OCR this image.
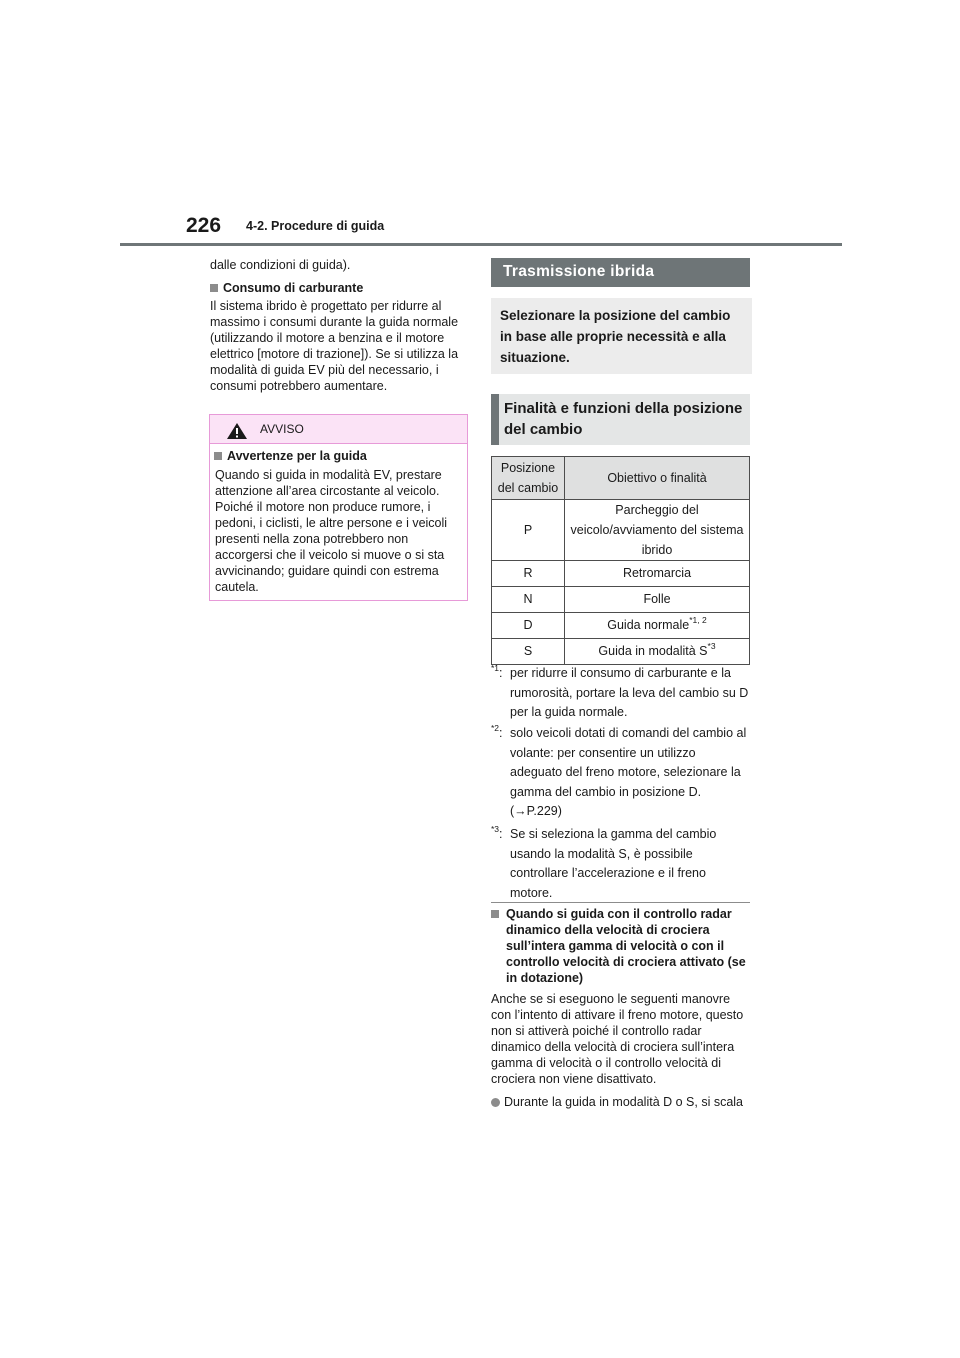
226 4-2. Procedure di guida
dalle condizioni di guida).
Consumo di carburante
Il sistema ibrido è progettato per ridurre al massimo i consumi durante la guida normale (utilizzando il motore a benzina e il motore elettrico [motore di trazione]). Se si utilizza la modalità di guida EV più del necessario, i consumi potrebbero aumentare.
AVVISO
Avvertenze per la guida
Quando si guida in modalità EV, prestare attenzione all’area circostante al veicolo. Poiché il motore non produce rumore, i pedoni, i ciclisti, le altre persone e i veicoli presenti nella zona potrebbero non accorgersi che il veicolo si muove o si sta avvicinando; guidare quindi con estrema cautela.
Trasmissione ibrida
Selezionare la posizione del cambio in base alle proprie necessità e alla situazione.
Finalità e funzioni della posizione del cambio
Posizione del cambio	Obiettivo o finalità
P	Parcheggio del veicolo/avviamento del sistema ibrido
R	Retromarcia
N	Folle
D	Guida normale$^{*1, 2}$
S	Guida in modalità $S^{*3}$
$^{*1}$: per ridurre il consumo di carburante e la rumorosità, portare la leva del cambio su D per la guida normale.
$^{*2}$: solo veicoli dotati di comandi del cambio al volante: per consentire un utilizzo adeguato del freno motore, selezionare la gamma del cambio in posizione D. (→P.229)
$^{*3}$: Se si seleziona la gamma del cambio usando la modalità S, è possibile controllare l’accelerazione e il freno motore.
Quando si guida con il controllo radar dinamico della velocità di crociera sull’intera gamma di velocità o con il controllo velocità di crociera attivato (se in dotazione)
Anche se si eseguono le seguenti manovre con l’intento di attivare il freno motore, questo non si attiverà poiché il controllo radar dinamico della velocità di crociera sull’intera gamma di velocità o il controllo velocità di crociera non viene disattivato.
Durante la guida in modalità D o S, si scala
